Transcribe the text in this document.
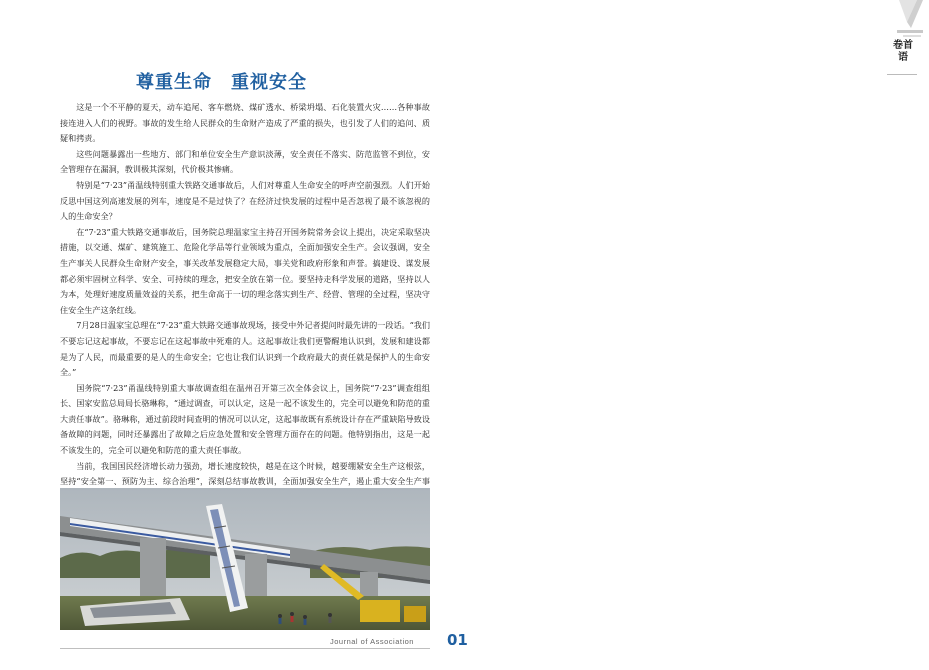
卷首语
尊重生命　重视安全

这是一个不平静的夏天，动车追尾、客车燃烧、煤矿透水、桥梁坍塌、石化装置火灾……各种事故接连进入人们的视野。事故的发生给人民群众的生命财产造成了严重的损失，也引发了人们的追问、质疑和拷责。

这些问题暴露出一些地方、部门和单位安全生产意识淡薄，安全责任不落实、防范监管不到位，安全管理存在漏洞，教训极其深刻，代价极其惨痛。

特别是“7·23”甬温线特别重大铁路交通事故后，人们对尊重人生命安全的呼声空前强烈。人们开始反思中国这列高速发展的列车，速度是不是过快了？在经济过快发展的过程中是否忽视了最不该忽视的人的生命安全？

在“7·23”重大铁路交通事故后，国务院总理温家宝主持召开国务院常务会议上提出，决定采取坚决措施，以交通、煤矿、建筑施工、危险化学品等行业领域为重点，全面加强安全生产。会议强调，安全生产事关人民群众生命财产安全，事关改革发展稳定大局，事关党和政府形象和声誉。搞建设、谋发展都必须牢固树立科学、安全、可持续的理念，把安全放在第一位。要坚持走科学发展的道路，坚持以人为本，处理好速度质量效益的关系，把生命高于一切的理念落实到生产、经营、管理的全过程，坚决守住安全生产这条红线。

7月28日温家宝总理在“7·23”重大铁路交通事故现场，接受中外记者提问时最先讲的一段话。“我们不要忘记这起事故，不要忘记在这起事故中死难的人。这起事故让我们更警醒地认识到，发展和建设都是为了人民，而最重要的是人的生命安全；它也让我们认识到一个政府最大的责任就是保护人的生命安全。”

国务院“7·23”甬温线特别重大事故调查组在温州召开第三次全体会议上，国务院“7·23”调查组组长、国家安监总局局长骆琳称，“通过调查，可以认定，这是一起不该发生的，完全可以避免和防范的重大责任事故”。骆琳称，通过前段时间查明的情况可以认定，这起事故既有系统设计存在严重缺陷导致设备故障的问题，同时还暴露出了故障之后应急处置和安全管理方面存在的问题。他特别指出，这是一起不该发生的，完全可以避免和防范的重大责任事故。

当前，我国国民经济增长动力强劲，增长速度较快，越是在这个时候，越要绷紧安全生产这根弦，坚持“安全第一、预防为主、综合治理”，深刻总结事故教训，全面加强安全生产，遏止重大安全生产事

Journal of Association 01
